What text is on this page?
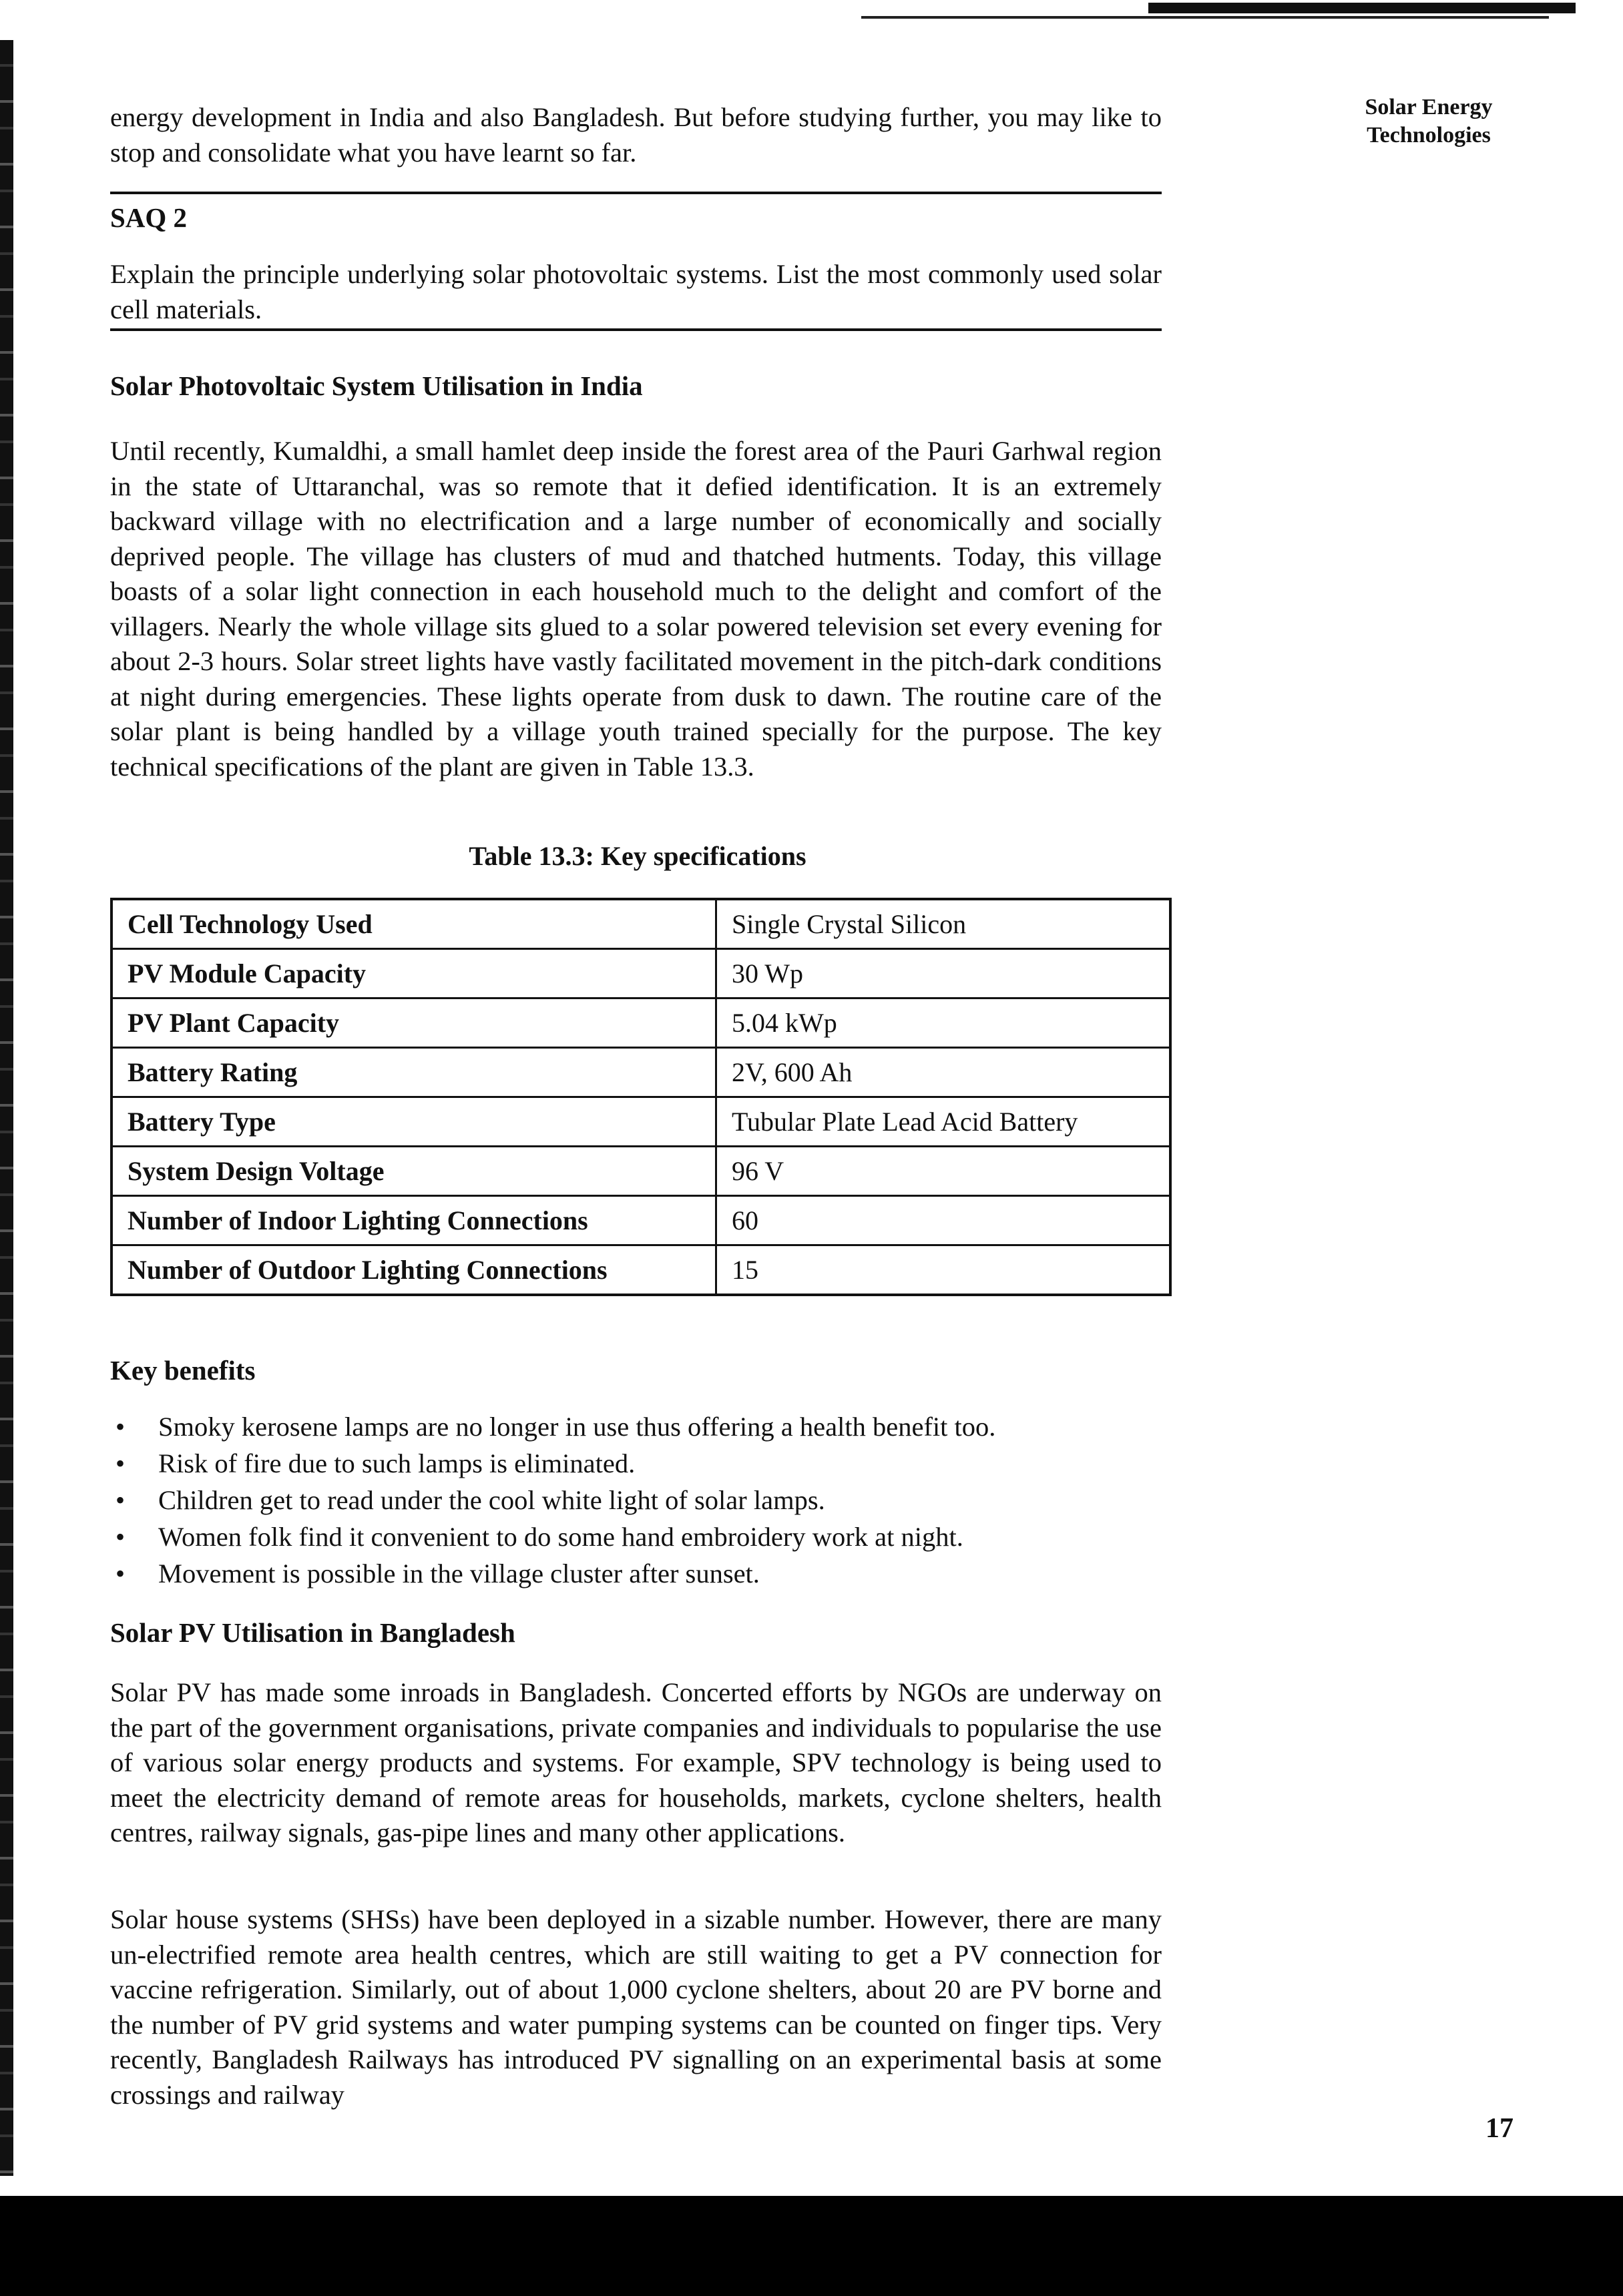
Solar Energy
Technologies

energy development in India and also Bangladesh. But before studying further, you may like to stop and consolidate what you have learnt so far.

SAQ 2

Explain the principle underlying solar photovoltaic systems. List the most commonly used solar cell materials.

Solar Photovoltaic System Utilisation in India

Until recently, Kumaldhi, a small hamlet deep inside the forest area of the Pauri Garhwal region in the state of Uttaranchal, was so remote that it defied identification. It is an extremely backward village with no electrification and a large number of economically and socially deprived people. The village has clusters of mud and thatched hutments. Today, this village boasts of a solar light connection in each household much to the delight and comfort of the villagers. Nearly the whole village sits glued to a solar powered television set every evening for about 2-3 hours. Solar street lights have vastly facilitated movement in the pitch-dark conditions at night during emergencies. These lights operate from dusk to dawn. The routine care of the solar plant is being handled by a village youth trained specially for the purpose. The key technical specifications of the plant are given in Table 13.3.

Table 13.3: Key specifications
Cell Technology Used	Single Crystal Silicon
PV Module Capacity	30 Wp
PV Plant Capacity	5.04 kWp
Battery Rating	2V, 600 Ah
Battery Type	Tubular Plate Lead Acid Battery
System Design Voltage	96 V
Number of Indoor Lighting Connections	60
Number of Outdoor Lighting Connections	15
Key benefits
• Smoky kerosene lamps are no longer in use thus offering a health benefit too.
• Risk of fire due to such lamps is eliminated.
• Children get to read under the cool white light of solar lamps.
• Women folk find it convenient to do some hand embroidery work at night.
• Movement is possible in the village cluster after sunset.
Solar PV Utilisation in Bangladesh

Solar PV has made some inroads in Bangladesh. Concerted efforts by NGOs are underway on the part of the government organisations, private companies and individuals to popularise the use of various solar energy products and systems. For example, SPV technology is being used to meet the electricity demand of remote areas for households, markets, cyclone shelters, health centres, railway signals, gas-pipe lines and many other applications.

Solar house systems (SHSs) have been deployed in a sizable number. However, there are many un-electrified remote area health centres, which are still waiting to get a PV connection for vaccine refrigeration. Similarly, out of about 1,000 cyclone shelters, about 20 are PV borne and the number of PV grid systems and water pumping systems can be counted on finger tips. Very recently, Bangladesh Railways has introduced PV signalling on an experimental basis at some crossings and railway

17
